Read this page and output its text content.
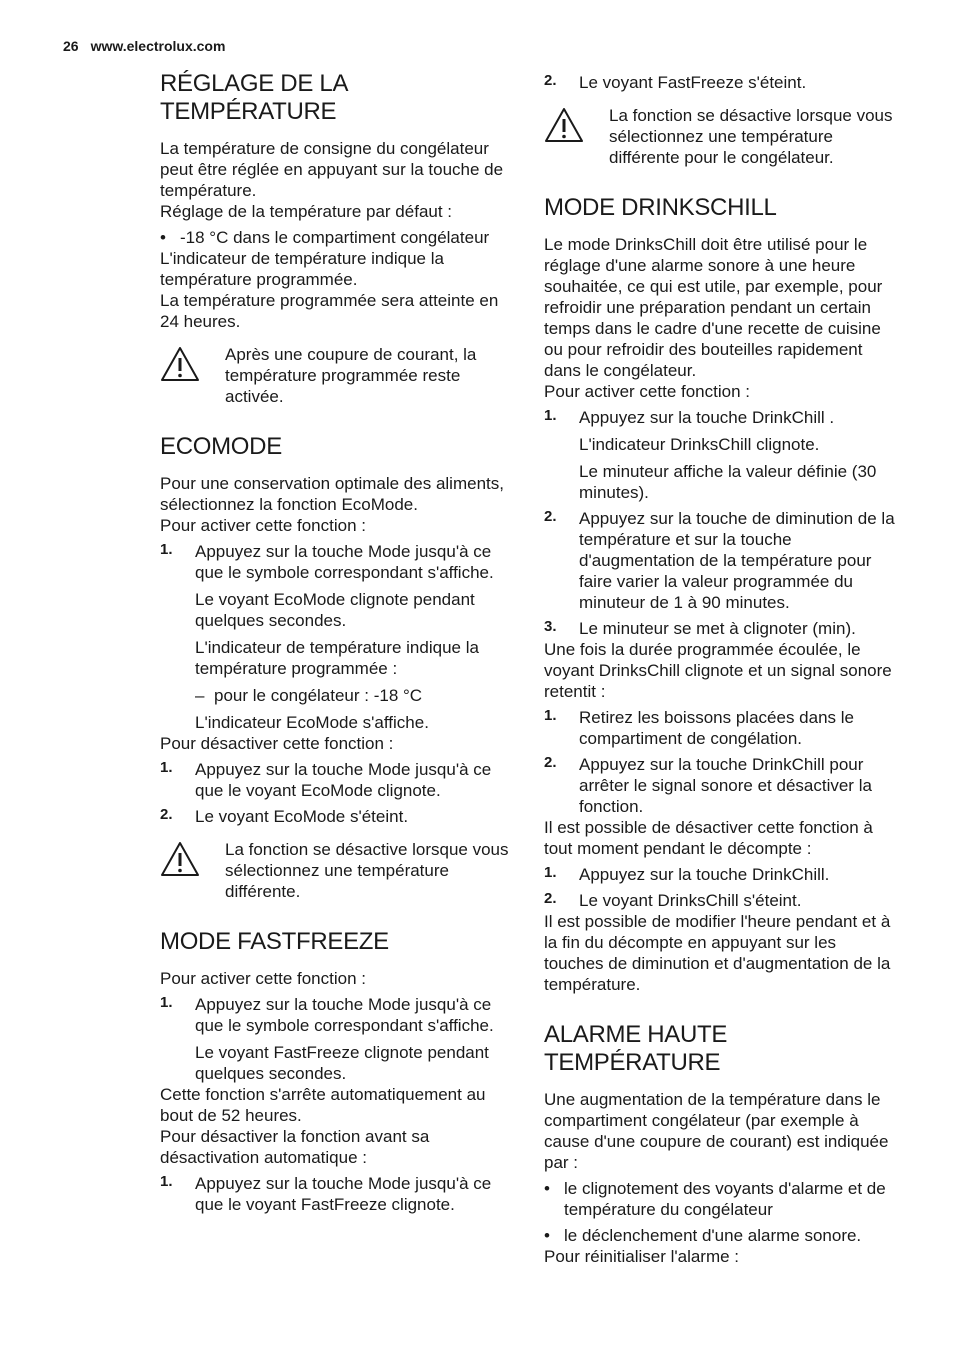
26 www.electrolux.com
RÉGLAGE DE LA TEMPÉRATURE

La température de consigne du congélateur peut être réglée en appuyant sur la touche de température.

Réglage de la température par défaut :

• -18 °C dans le compartiment congélateur

L'indicateur de température indique la température programmée.

La température programmée sera atteinte en 24 heures.

Après une coupure de courant, la température programmée reste activée.
ECOMODE

Pour une conservation optimale des aliments, sélectionnez la fonction EcoMode.

Pour activer cette fonction :

1. Appuyez sur la touche Mode jusqu'à ce que le symbole correspondant s'affiche.
Le voyant EcoMode clignote pendant quelques secondes.
L'indicateur de température indique la température programmée :
– pour le congélateur : -18 °C
L'indicateur EcoMode s'affiche.

Pour désactiver cette fonction :

1. Appuyez sur la touche Mode jusqu'à ce que le voyant EcoMode clignote.
2. Le voyant EcoMode s'éteint.
La fonction se désactive lorsque vous sélectionnez une température différente.
MODE FASTFREEZE

Pour activer cette fonction :

1. Appuyez sur la touche Mode jusqu'à ce que le symbole correspondant s'affiche.
Le voyant FastFreeze clignote pendant quelques secondes.

Cette fonction s'arrête automatiquement au bout de 52 heures.

Pour désactiver la fonction avant sa désactivation automatique :

1. Appuyez sur la touche Mode jusqu'à ce que le voyant FastFreeze clignote.
2. Le voyant FastFreeze s'éteint.
La fonction se désactive lorsque vous sélectionnez une température différente pour le congélateur.
MODE DRINKSCHILL

Le mode DrinksChill doit être utilisé pour le réglage d'une alarme sonore à une heure souhaitée, ce qui est utile, par exemple, pour refroidir une préparation pendant un certain temps dans le cadre d'une recette de cuisine ou pour refroidir des bouteilles rapidement dans le congélateur.

Pour activer cette fonction :

1. Appuyez sur la touche DrinkChill .
L'indicateur DrinksChill clignote.
Le minuteur affiche la valeur définie (30 minutes).
2. Appuyez sur la touche de diminution de la température et sur la touche d'augmentation de la température pour faire varier la valeur programmée du minuteur de 1 à 90 minutes.
3. Le minuteur se met à clignoter (min).

Une fois la durée programmée écoulée, le voyant DrinksChill clignote et un signal sonore retentit :

1. Retirez les boissons placées dans le compartiment de congélation.
2. Appuyez sur la touche DrinkChill pour arrêter le signal sonore et désactiver la fonction.

Il est possible de désactiver cette fonction à tout moment pendant le décompte :

1. Appuyez sur la touche DrinkChill.
2. Le voyant DrinksChill s'éteint.

Il est possible de modifier l'heure pendant et à la fin du décompte en appuyant sur les touches de diminution et d'augmentation de la température.

ALARME HAUTE TEMPÉRATURE

Une augmentation de la température dans le compartiment congélateur (par exemple à cause d'une coupure de courant) est indiquée par :

• le clignotement des voyants d'alarme et de température du congélateur
• le déclenchement d'une alarme sonore.

Pour réinitialiser l'alarme :
